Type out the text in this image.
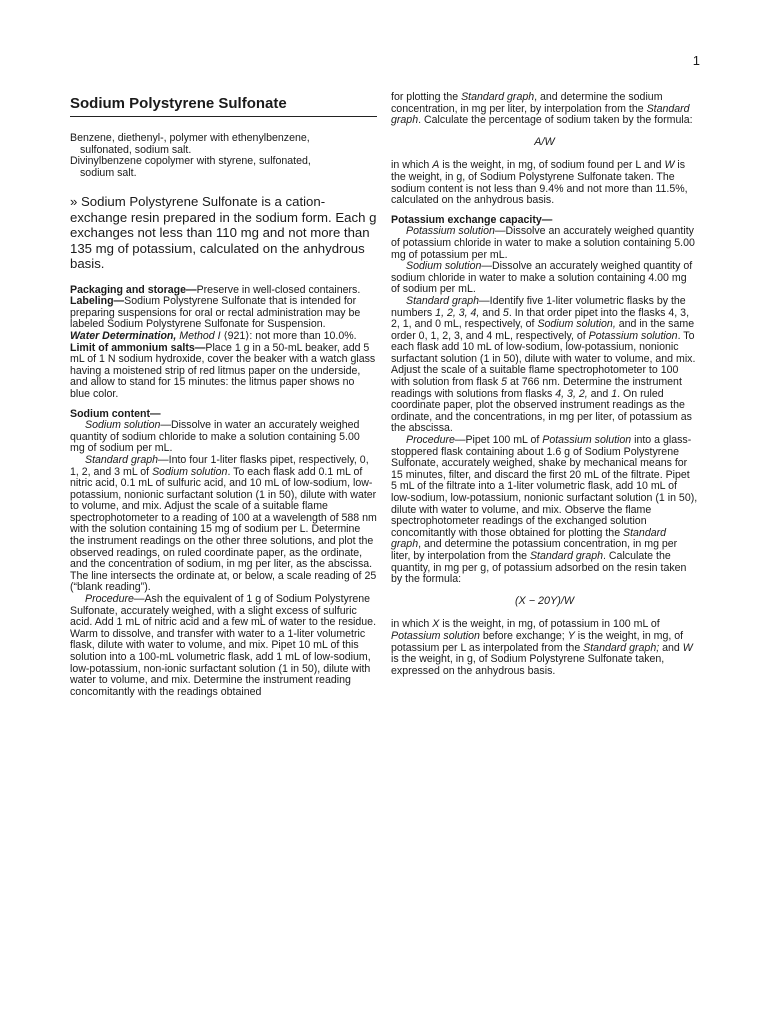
1
Sodium Polystyrene Sulfonate

Benzene, diethenyl-, polymer with ethenylbenzene,

sulfonated, sodium salt.

Divinylbenzene copolymer with styrene, sulfonated,

sodium salt.

» Sodium Polystyrene Sulfonate is a cation-exchange resin prepared in the sodium form. Each g exchanges not less than 110 mg and not more than 135 mg of potassium, calculated on the anhydrous basis.

Packaging and storage—Preserve in well-closed containers.

Labeling—Sodium Polystyrene Sulfonate that is intended for preparing suspensions for oral or rectal administration may be labeled Sodium Polystyrene Sulfonate for Suspension.

Water Determination, Method I ⟨921⟩: not more than 10.0%.

Limit of ammonium salts—Place 1 g in a 50-mL beaker, add 5 mL of 1 N sodium hydroxide, cover the beaker with a watch glass having a moistened strip of red litmus paper on the underside, and allow to stand for 15 minutes: the litmus paper shows no blue color.

Sodium content—

Sodium solution—Dissolve in water an accurately weighed quantity of sodium chloride to make a solution containing 5.00 mg of sodium per mL.

Standard graph—Into four 1-liter flasks pipet, respectively, 0, 1, 2, and 3 mL of Sodium solution. To each flask add 0.1 mL of nitric acid, 0.1 mL of sulfuric acid, and 10 mL of low-sodium, low-potassium, nonionic surfactant solution (1 in 50), dilute with water to volume, and mix. Adjust the scale of a suitable flame spectrophotometer to a reading of 100 at a wavelength of 588 nm with the solution containing 15 mg of sodium per L. Determine the instrument readings on the other three solutions, and plot the observed readings, on ruled coordinate paper, as the ordinate, and the concentration of sodium, in mg per liter, as the abscissa. The line intersects the ordinate at, or below, a scale reading of 25 (“blank reading”).

Procedure—Ash the equivalent of 1 g of Sodium Polystyrene Sulfonate, accurately weighed, with a slight excess of sulfuric acid. Add 1 mL of nitric acid and a few mL of water to the residue. Warm to dissolve, and transfer with water to a 1-liter volumetric flask, dilute with water to volume, and mix. Pipet 10 mL of this solution into a 100-mL volumetric flask, add 1 mL of low-sodium, low-potassium, non-ionic surfactant solution (1 in 50), dilute with water to volume, and mix. Determine the instrument reading concomitantly with the readings obtained

for plotting the Standard graph, and determine the sodium concentration, in mg per liter, by interpolation from the Standard graph. Calculate the percentage of sodium taken by the formula:

A/W

in which A is the weight, in mg, of sodium found per L and W is the weight, in g, of Sodium Polystyrene Sulfonate taken. The sodium content is not less than 9.4% and not more than 11.5%, calculated on the anhydrous basis.

Potassium exchange capacity—

Potassium solution—Dissolve an accurately weighed quantity of potassium chloride in water to make a solution containing 5.00 mg of potassium per mL.

Sodium solution—Dissolve an accurately weighed quantity of sodium chloride in water to make a solution containing 4.00 mg of sodium per mL.

Standard graph—Identify five 1-liter volumetric flasks by the numbers 1, 2, 3, 4, and 5. In that order pipet into the flasks 4, 3, 2, 1, and 0 mL, respectively, of Sodium solution, and in the same order 0, 1, 2, 3, and 4 mL, respectively, of Potassium solution. To each flask add 10 mL of low-sodium, low-potassium, nonionic surfactant solution (1 in 50), dilute with water to volume, and mix. Adjust the scale of a suitable flame spectrophotometer to 100 with solution from flask 5 at 766 nm. Determine the instrument readings with solutions from flasks 4, 3, 2, and 1. On ruled coordinate paper, plot the observed instrument readings as the ordinate, and the concentrations, in mg per liter, of potassium as the abscissa.

Procedure—Pipet 100 mL of Potassium solution into a glass-stoppered flask containing about 1.6 g of Sodium Polystyrene Sulfonate, accurately weighed, shake by mechanical means for 15 minutes, filter, and discard the first 20 mL of the filtrate. Pipet 5 mL of the filtrate into a 1-liter volumetric flask, add 10 mL of low-sodium, low-potassium, nonionic surfactant solution (1 in 50), dilute with water to volume, and mix. Observe the flame spectrophotometer readings of the exchanged solution concomitantly with those obtained for plotting the Standard graph, and determine the potassium concentration, in mg per liter, by interpolation from the Standard graph. Calculate the quantity, in mg per g, of potassium adsorbed on the resin taken by the formula:

(X − 20Y)/W

in which X is the weight, in mg, of potassium in 100 mL of Potassium solution before exchange; Y is the weight, in mg, of potassium per L as interpolated from the Standard graph; and W is the weight, in g, of Sodium Polystyrene Sulfonate taken, expressed on the anhydrous basis.
